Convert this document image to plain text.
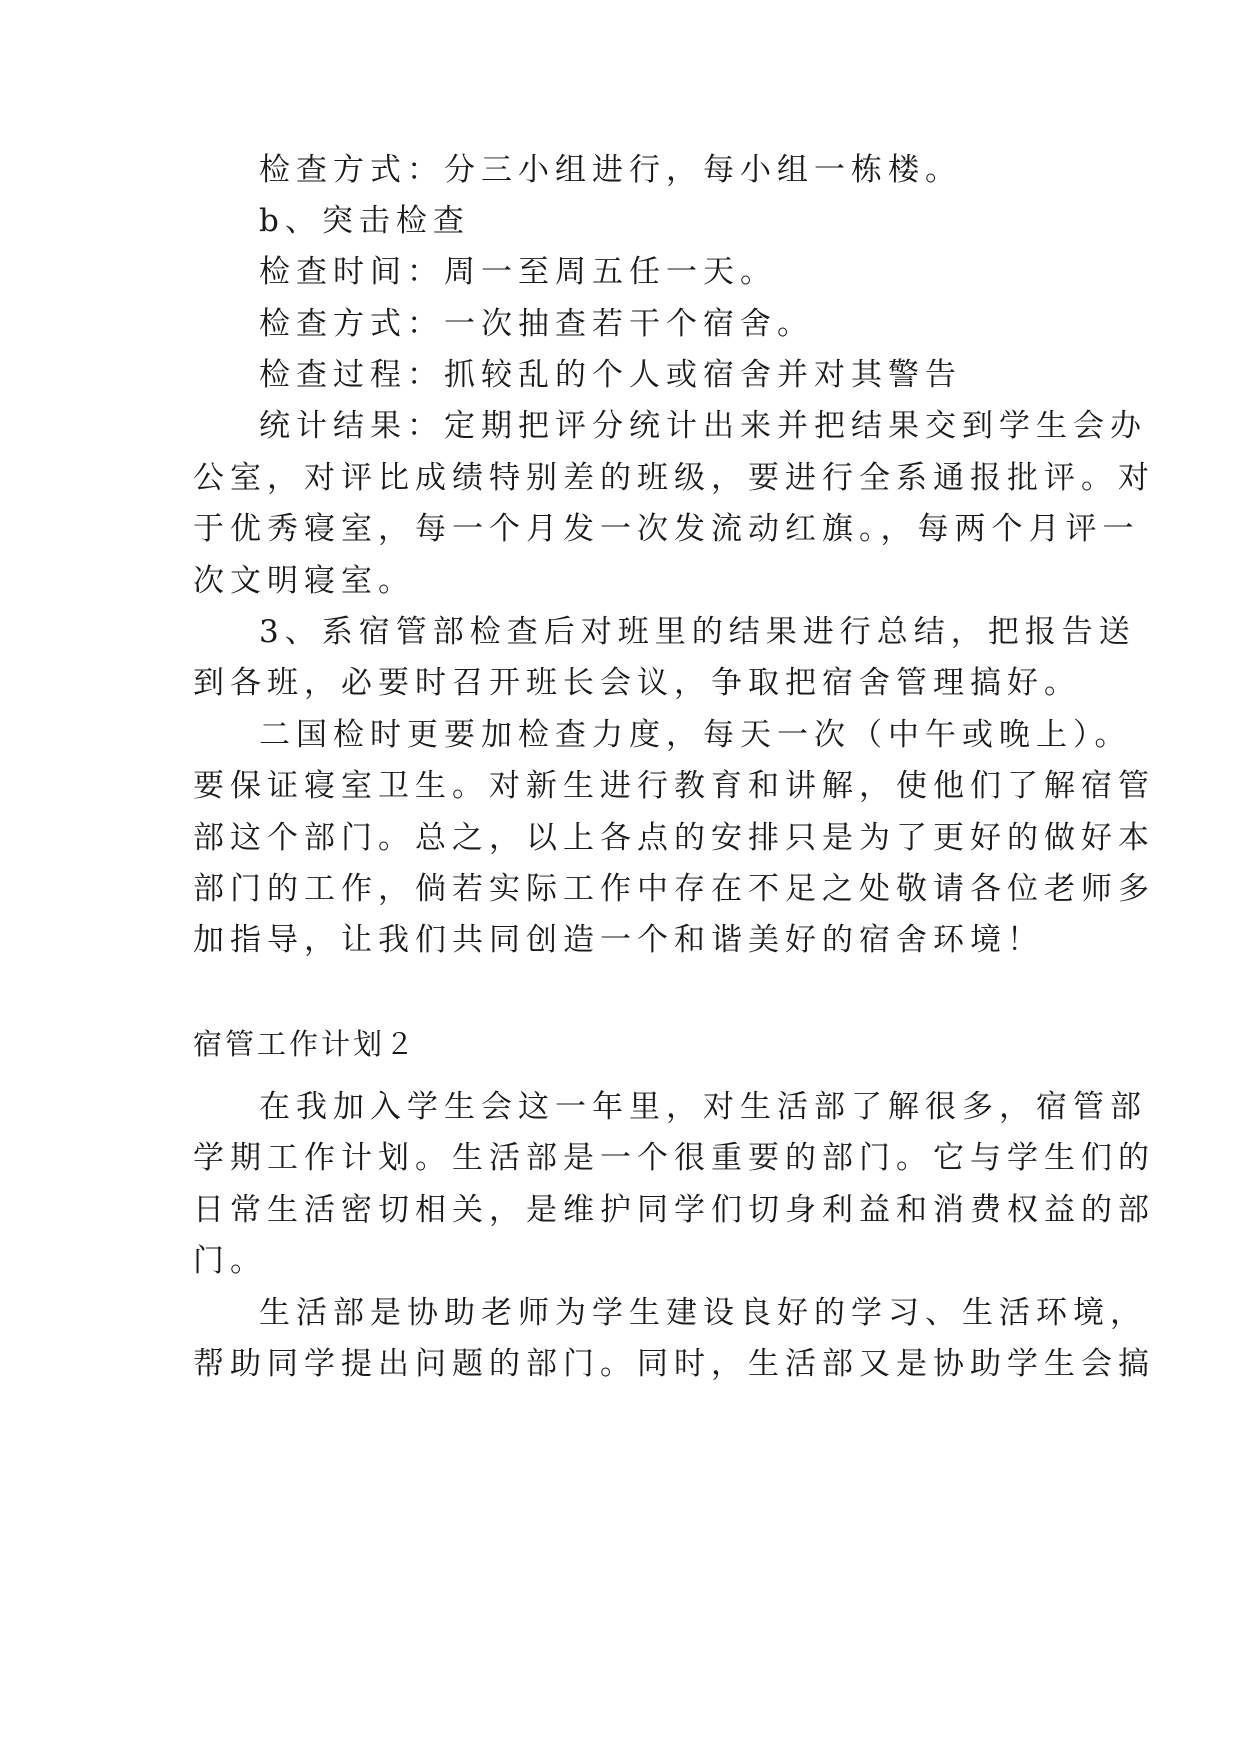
检查方式：分三小组进行，每小组一栋楼。

b、突击检查

检查时间：周一至周五任一天。

检查方式：一次抽查若干个宿舍。

检查过程：抓较乱的个人或宿舍并对其警告

统计结果：定期把评分统计出来并把结果交到学生会办

公室，对评比成绩特别差的班级，要进行全系通报批评。对

于优秀寝室，每一个月发一次发流动红旗。，每两个月评一

次文明寝室。

3、系宿管部检查后对班里的结果进行总结，把报告送

到各班，必要时召开班长会议，争取把宿舍管理搞好。

二国检时更要加检查力度，每天一次（中午或晚上）。

要保证寝室卫生。对新生进行教育和讲解，使他们了解宿管

部这个部门。总之，以上各点的安排只是为了更好的做好本

部门的工作，倘若实际工作中存在不足之处敬请各位老师多

加指导，让我们共同创造一个和谐美好的宿舍环境！

宿管工作计划２

在我加入学生会这一年里，对生活部了解很多，宿管部

学期工作计划。生活部是一个很重要的部门。它与学生们的

日常生活密切相关，是维护同学们切身利益和消费权益的部

门。

生活部是协助老师为学生建设良好的学习、生活环境，

帮助同学提出问题的部门。同时，生活部又是协助学生会搞
